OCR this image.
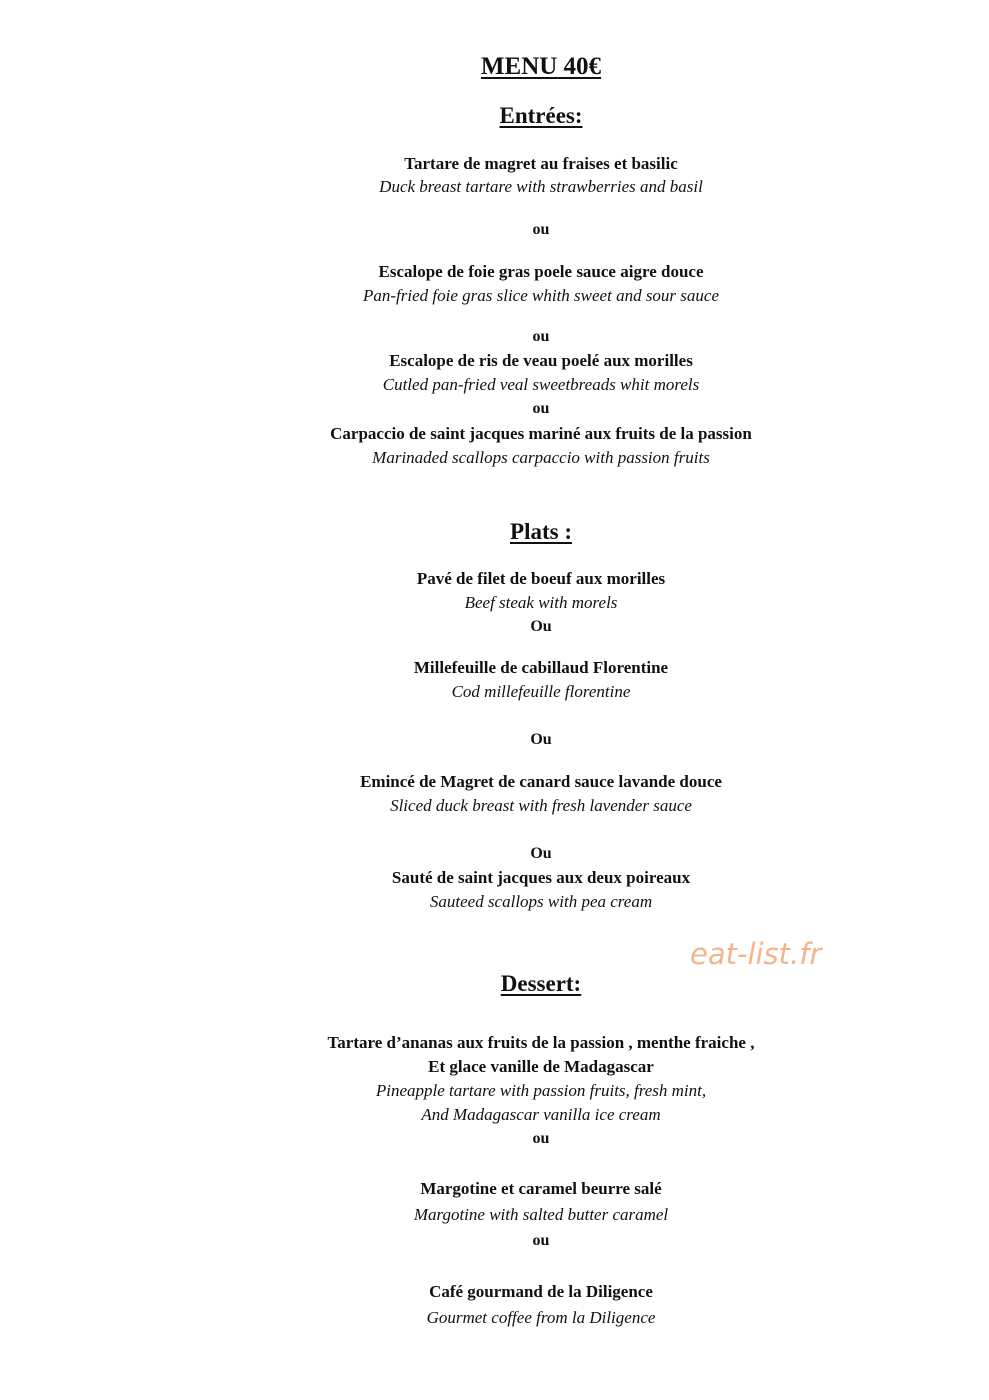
MENU 40€
Entrées:
Tartare de magret au fraises et basilic
Duck breast tartare with strawberries and basil
ou
Escalope de foie gras poele sauce aigre douce
Pan-fried foie gras slice whith sweet and sour sauce
ou
Escalope de ris de veau poelé aux morilles
Cutled pan-fried veal sweetbreads whit morels
ou
Carpaccio de saint jacques mariné aux fruits de la passion
Marinaded scallops carpaccio with passion fruits
Plats :
Pavé de filet de boeuf aux morilles
Beef steak with morels
Ou
Millefeuille de cabillaud Florentine
Cod millefeuille florentine
Ou
Emincé de Magret de canard sauce lavande douce
Sliced duck breast with fresh lavender sauce
Ou
Sauté de saint jacques aux deux poireaux
Sauteed scallops with pea cream
Dessert:
Tartare d’ananas aux fruits de la passion , menthe fraiche ,
Et glace vanille de Madagascar
Pineapple tartare with passion fruits, fresh mint,
And Madagascar vanilla ice cream
ou
Margotine et caramel beurre salé
Margotine with salted butter caramel
ou
Café gourmand de la Diligence
Gourmet coffee from la Diligence
eat-list.fr
